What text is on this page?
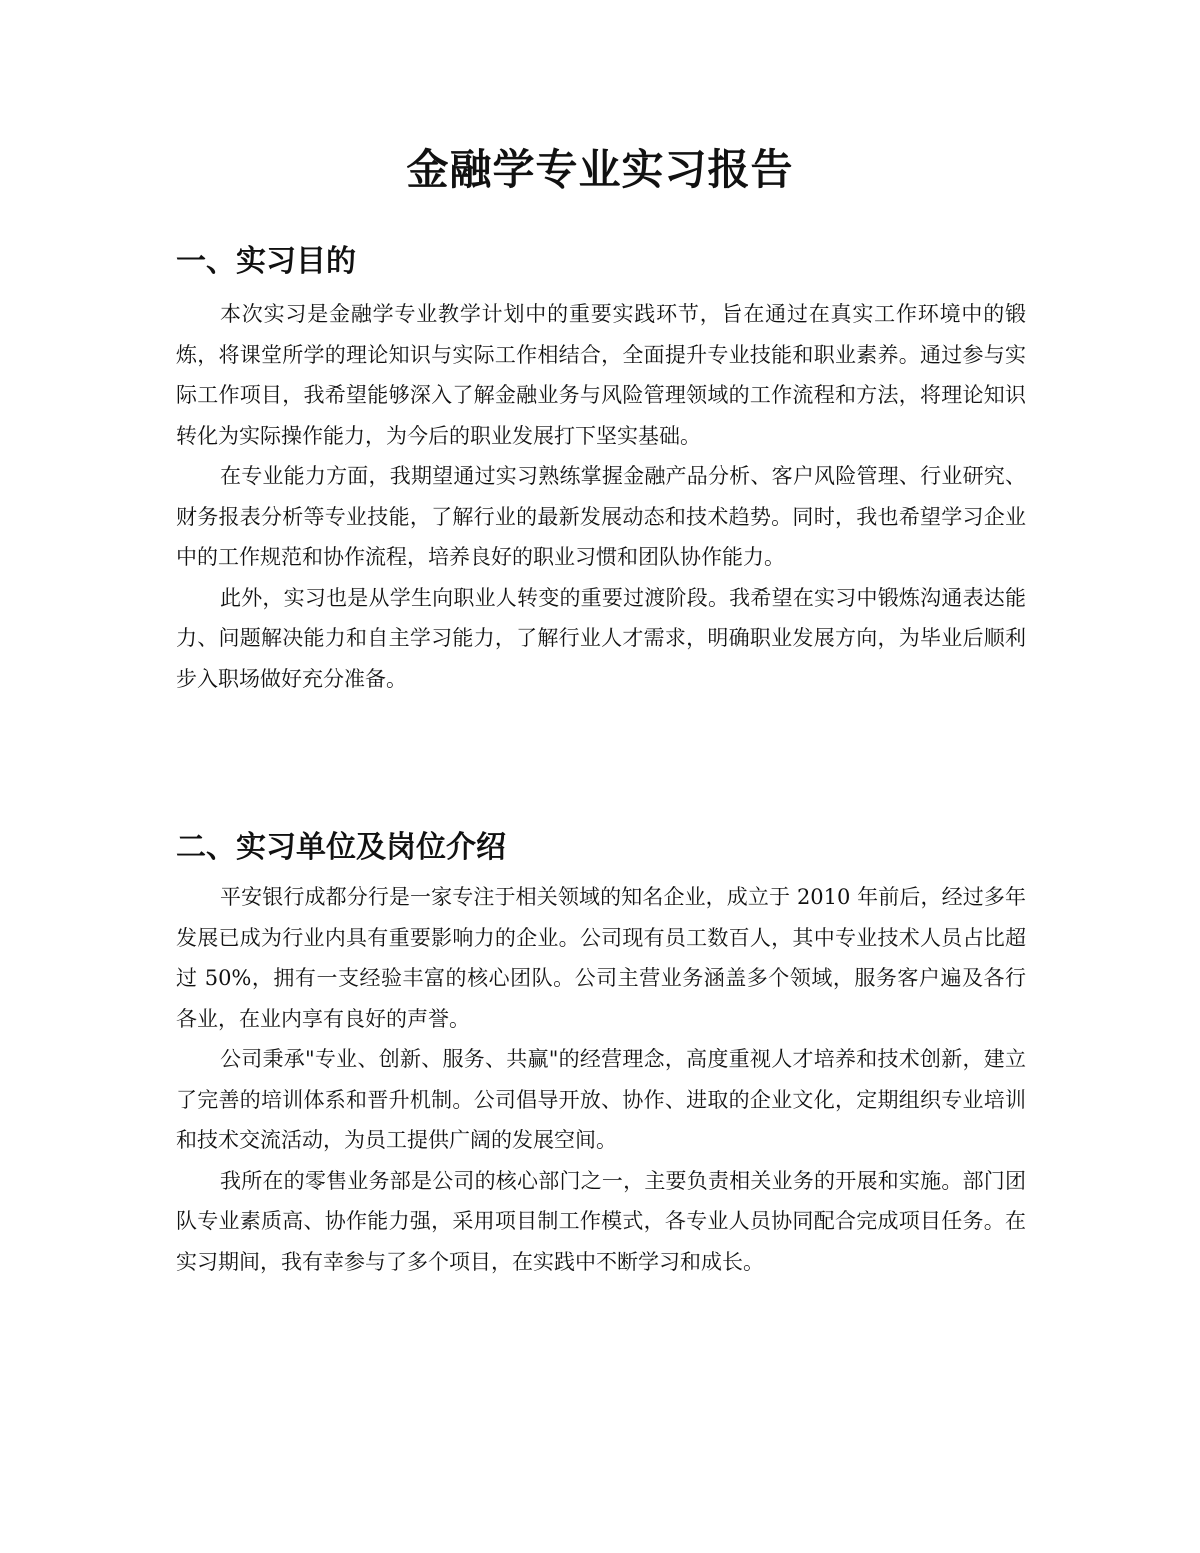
金融学专业实习报告
一、实习目的

本次实习是金融学专业教学计划中的重要实践环节，旨在通过在真实工作环境中的锻炼，将课堂所学的理论知识与实际工作相结合，全面提升专业技能和职业素养。通过参与实际工作项目，我希望能够深入了解金融业务与风险管理领域的工作流程和方法，将理论知识转化为实际操作能力，为今后的职业发展打下坚实基础。

在专业能力方面，我期望通过实习熟练掌握金融产品分析、客户风险管理、行业研究、财务报表分析等专业技能，了解行业的最新发展动态和技术趋势。同时，我也希望学习企业中的工作规范和协作流程，培养良好的职业习惯和团队协作能力。

此外，实习也是从学生向职业人转变的重要过渡阶段。我希望在实习中锻炼沟通表达能力、问题解决能力和自主学习能力，了解行业人才需求，明确职业发展方向，为毕业后顺利步入职场做好充分准备。

二、实习单位及岗位介绍

平安银行成都分行是一家专注于相关领域的知名企业，成立于 2010 年前后，经过多年发展已成为行业内具有重要影响力的企业。公司现有员工数百人，其中专业技术人员占比超过 50%，拥有一支经验丰富的核心团队。公司主营业务涵盖多个领域，服务客户遍及各行各业，在业内享有良好的声誉。

公司秉承"专业、创新、服务、共赢"的经营理念，高度重视人才培养和技术创新，建立了完善的培训体系和晋升机制。公司倡导开放、协作、进取的企业文化，定期组织专业培训和技术交流活动，为员工提供广阔的发展空间。

我所在的零售业务部是公司的核心部门之一，主要负责相关业务的开展和实施。部门团队专业素质高、协作能力强，采用项目制工作模式，各专业人员协同配合完成项目任务。在实习期间，我有幸参与了多个项目，在实践中不断学习和成长。
